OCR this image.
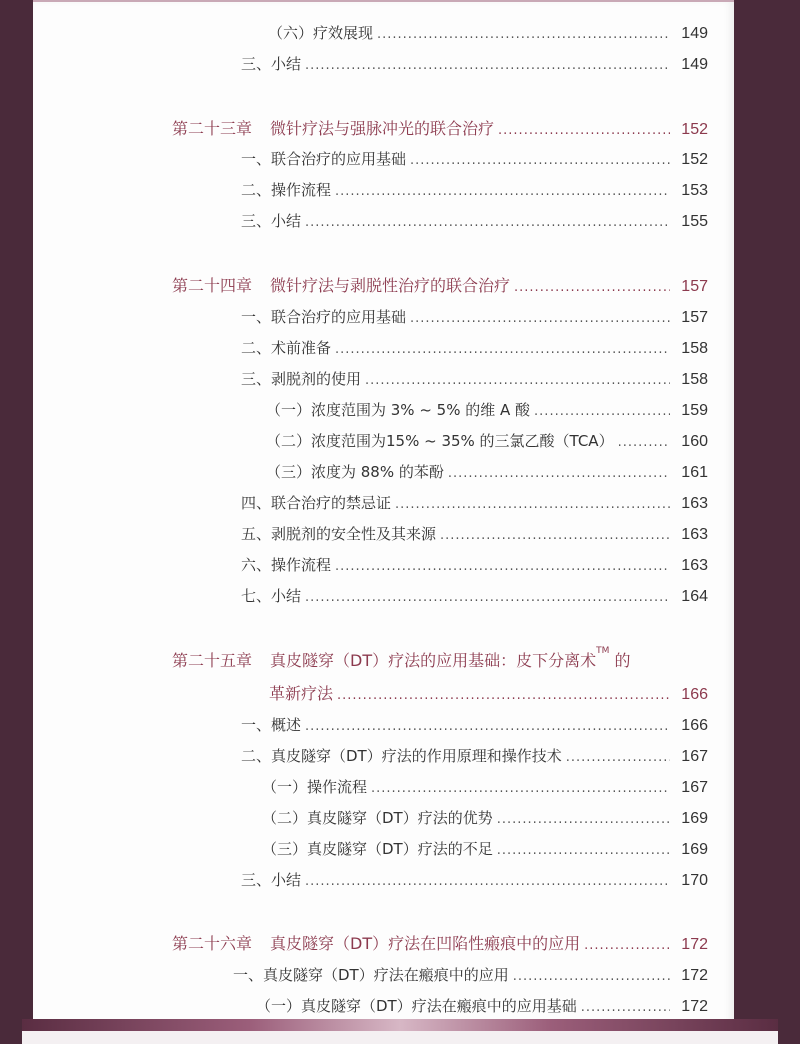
（六）疗效展现 .....	149
三、小结 .....	149
第二十三章 微针疗法与强脉冲光的联合治疗 .....	152
一、联合治疗的应用基础 .....	152
二、操作流程 .....	153
三、小结 .....	155
第二十四章 微针疗法与剥脱性治疗的联合治疗 .....	157
一、联合治疗的应用基础 .....	157
二、术前准备 .....	158
三、剥脱剂的使用 .....	158
（一）浓度范围为 3% ~ 5% 的维 A 酸 .....	159
（二）浓度范围为15% ~ 35% 的三氯乙酸（TCA） .....	160
（三）浓度为 88% 的苯酚 .....	161
四、联合治疗的禁忌证 .....	163
五、剥脱剂的安全性及其来源 .....	163
六、操作流程 .....	163
七、小结 .....	164
第二十五章 真皮隧穿（DT）疗法的应用基础：皮下分离术™ 的
革新疗法 .....	166
一、概述 .....	166
二、真皮隧穿（DT）疗法的作用原理和操作技术 .....	167
（一）操作流程 .....	167
（二）真皮隧穿（DT）疗法的优势 .....	169
（三）真皮隧穿（DT）疗法的不足 .....	169
三、小结 .....	170
第二十六章 真皮隧穿（DT）疗法在凹陷性瘢痕中的应用 .....	172
一、真皮隧穿（DT）疗法在瘢痕中的应用 .....	172
（一）真皮隧穿（DT）疗法在瘢痕中的应用基础 .....	172
